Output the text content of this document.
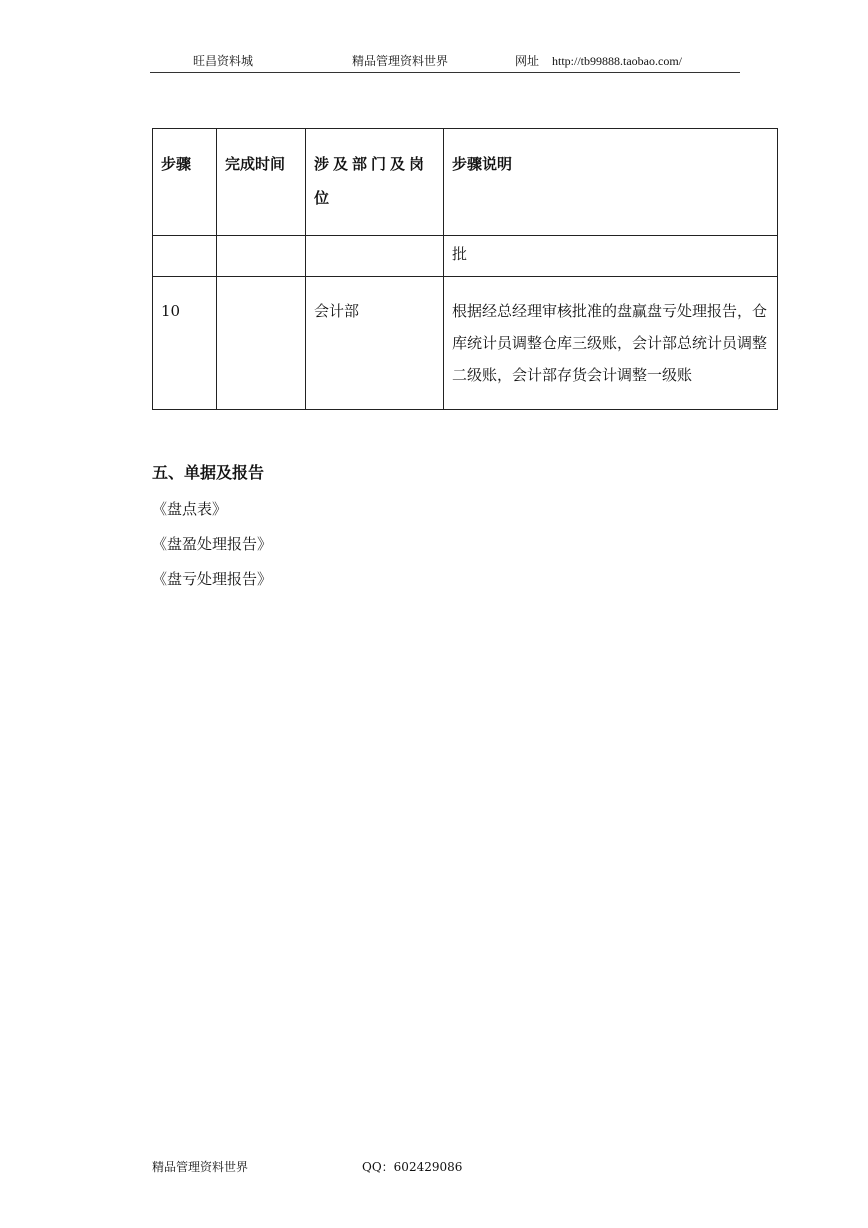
旺昌资料城	精品管理资料世界	网址 http://tb99888.taobao.com/
步骤	完成时间	涉及部门及岗位	步骤说明
			批
10		会计部	根据经总经理审核批准的盘赢盘亏处理报告，仓库统计员调整仓库三级账，会计部总统计员调整二级账，会计部存货会计调整一级账
五、单据及报告
《盘点表》
《盘盈处理报告》
《盘亏处理报告》
精品管理资料世界	QQ：602429086
